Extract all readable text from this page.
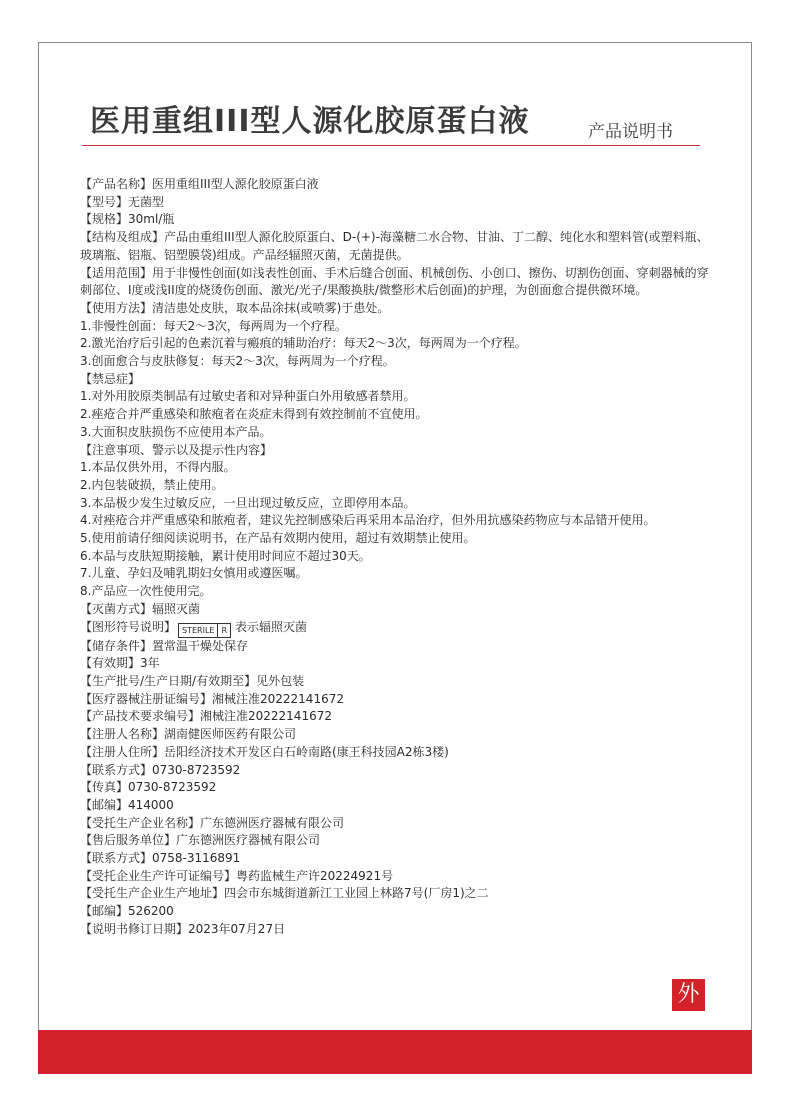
医用重组III型人源化胶原蛋白液	产品说明书

【产品名称】医用重组III型人源化胶原蛋白液

【型号】无菌型

【规格】30ml/瓶

【结构及组成】产品由重组III型人源化胶原蛋白、D-(+)-海藻糖二水合物、甘油、丁二醇、纯化水和塑料管(或塑料瓶、玻璃瓶、铝瓶、铝塑膜袋)组成。产品经辐照灭菌，无菌提供。

【适用范围】用于非慢性创面(如浅表性创面、手术后缝合创面、机械创伤、小创口、擦伤、切割伤创面、穿刺器械的穿刺部位、I度或浅II度的烧烫伤创面、激光/光子/果酸换肤/微整形术后创面)的护理，为创面愈合提供微环境。

【使用方法】清洁患处皮肤，取本品涂抹(或喷雾)于患处。

1.非慢性创面：每天2～3次，每两周为一个疗程。

2.激光治疗后引起的色素沉着与瘢痕的辅助治疗：每天2～3次，每两周为一个疗程。

3.创面愈合与皮肤修复：每天2～3次，每两周为一个疗程。

【禁忌症】

1.对外用胶原类制品有过敏史者和对异种蛋白外用敏感者禁用。

2.痤疮合并严重感染和脓疱者在炎症未得到有效控制前不宜使用。

3.大面积皮肤损伤不应使用本产品。

【注意事项、警示以及提示性内容】

1.本品仅供外用，不得内服。

2.内包装破损，禁止使用。

3.本品极少发生过敏反应，一旦出现过敏反应，立即停用本品。

4.对痤疮合并严重感染和脓疱者，建议先控制感染后再采用本品治疗，但外用抗感染药物应与本品错开使用。

5.使用前请仔细阅读说明书，在产品有效期内使用，超过有效期禁止使用。

6.本品与皮肤短期接触，累计使用时间应不超过30天。

7.儿童、孕妇及哺乳期妇女慎用或遵医嘱。

8.产品应一次性使用完。

【灭菌方式】辐照灭菌

【图形符号说明】 STERILE R 表示辐照灭菌

【储存条件】置常温干燥处保存

【有效期】3年

【生产批号/生产日期/有效期至】见外包装

【医疗器械注册证编号】湘械注准20222141672

【产品技术要求编号】湘械注准20222141672

【注册人名称】湖南健医师医药有限公司

【注册人住所】岳阳经济技术开发区白石岭南路(康王科技园A2栋3楼)

【联系方式】0730-8723592

【传真】0730-8723592

【邮编】414000

【受托生产企业名称】广东德洲医疗器械有限公司

【售后服务单位】广东德洲医疗器械有限公司

【联系方式】0758-3116891

【受托企业生产许可证编号】粤药监械生产许20224921号

【受托生产企业生产地址】四会市东城街道新江工业园上林路7号(厂房1)之二

【邮编】526200

【说明书修订日期】2023年07月27日

外
